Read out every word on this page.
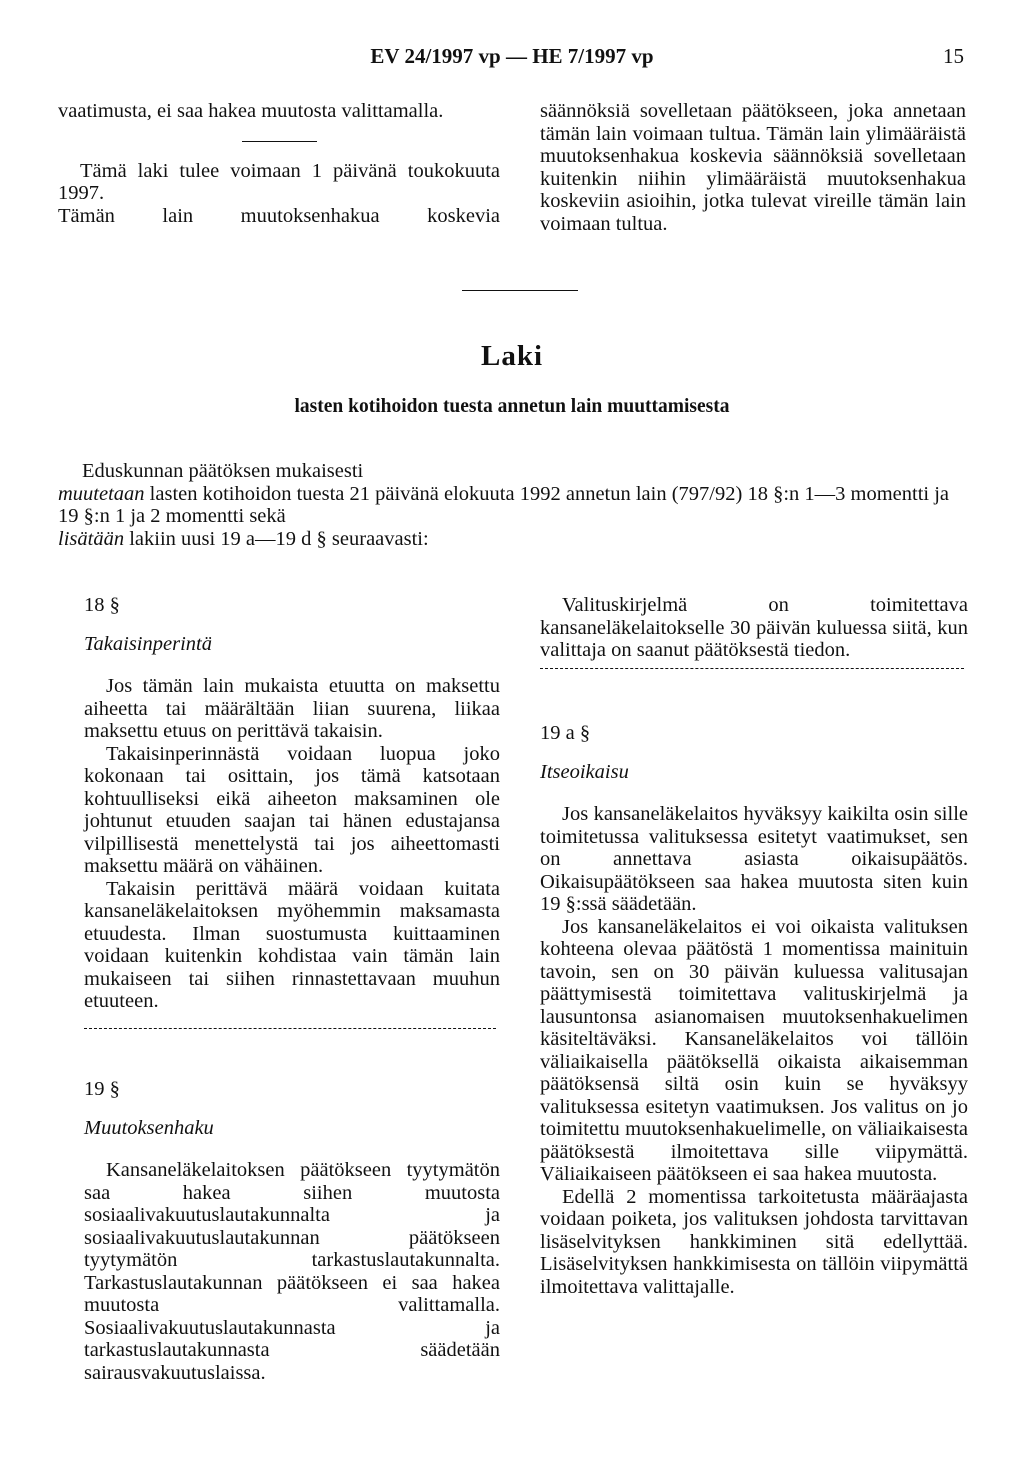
EV 24/1997 vp — HE 7/1997 vp	15

vaatimusta, ei saa hakea muutosta valittamalla.

Tämä laki tulee voimaan 1 päivänä toukokuuta 1997.

Tämän lain muutoksenhakua koskevia

säännöksiä sovelletaan päätökseen, joka annetaan tämän lain voimaan tultua. Tämän lain ylimääräistä muutoksenhakua koskevia säännöksiä sovelletaan kuitenkin niihin ylimääräistä muutoksenhakua koskeviin asioihin, jotka tulevat vireille tämän lain voimaan tultua.

Laki
lasten kotihoidon tuesta annetun lain muuttamisesta

Eduskunnan päätöksen mukaisesti

muutetaan lasten kotihoidon tuesta 21 päivänä elokuuta 1992 annetun lain (797/92) 18 §:n 1—3 momentti ja 19 §:n 1 ja 2 momentti sekä

lisätään lakiin uusi 19 a—19 d § seuraavasti:

18 §

Takaisinperintä

Jos tämän lain mukaista etuutta on maksettu aiheetta tai määrältään liian suurena, liikaa maksettu etuus on perittävä takaisin.

Takaisinperinnästä voidaan luopua joko kokonaan tai osittain, jos tämä katsotaan kohtuulliseksi eikä aiheeton maksaminen ole johtunut etuuden saajan tai hänen edustajansa vilpillisestä menettelystä tai jos aiheettomasti maksettu määrä on vähäinen.

Takaisin perittävä määrä voidaan kuitata kansaneläkelaitoksen myöhemmin maksamasta etuudesta. Ilman suostumusta kuittaaminen voidaan kuitenkin kohdistaa vain tämän lain mukaiseen tai siihen rinnastettavaan muuhun etuuteen.

19 §

Muutoksenhaku

Kansaneläkelaitoksen päätökseen tyytymätön saa hakea siihen muutosta sosiaalivakuutuslautakunnalta ja sosiaalivakuutuslautakunnan päätökseen tyytymätön tarkastuslautakunnalta. Tarkastuslautakunnan päätökseen ei saa hakea muutosta valittamalla. Sosiaalivakuutuslautakunnasta ja tarkastuslautakunnasta säädetään sairausvakuutuslaissa.

Valituskirjelmä on toimitettava kansaneläkelaitokselle 30 päivän kuluessa siitä, kun valittaja on saanut päätöksestä tiedon.

19 a §

Itseoikaisu

Jos kansaneläkelaitos hyväksyy kaikilta osin sille toimitetussa valituksessa esitetyt vaatimukset, sen on annettava asiasta oikaisupäätös. Oikaisupäätökseen saa hakea muutosta siten kuin 19 §:ssä säädetään.

Jos kansaneläkelaitos ei voi oikaista valituksen kohteena olevaa päätöstä 1 momentissa mainituin tavoin, sen on 30 päivän kuluessa valitusajan päättymisestä toimitettava valituskirjelmä ja lausuntonsa asianomaisen muutoksenhakuelimen käsiteltäväksi. Kansaneläkelaitos voi tällöin väliaikaisella päätöksellä oikaista aikaisemman päätöksensä siltä osin kuin se hyväksyy valituksessa esitetyn vaatimuksen. Jos valitus on jo toimitettu muutoksenhakuelimelle, on väliaikaisesta päätöksestä ilmoitettava sille viipymättä. Väliaikaiseen päätökseen ei saa hakea muutosta.

Edellä 2 momentissa tarkoitetusta määräajasta voidaan poiketa, jos valituksen johdosta tarvittavan lisäselvityksen hankkiminen sitä edellyttää. Lisäselvityksen hankkimisesta on tällöin viipymättä ilmoitettava valittajalle.
